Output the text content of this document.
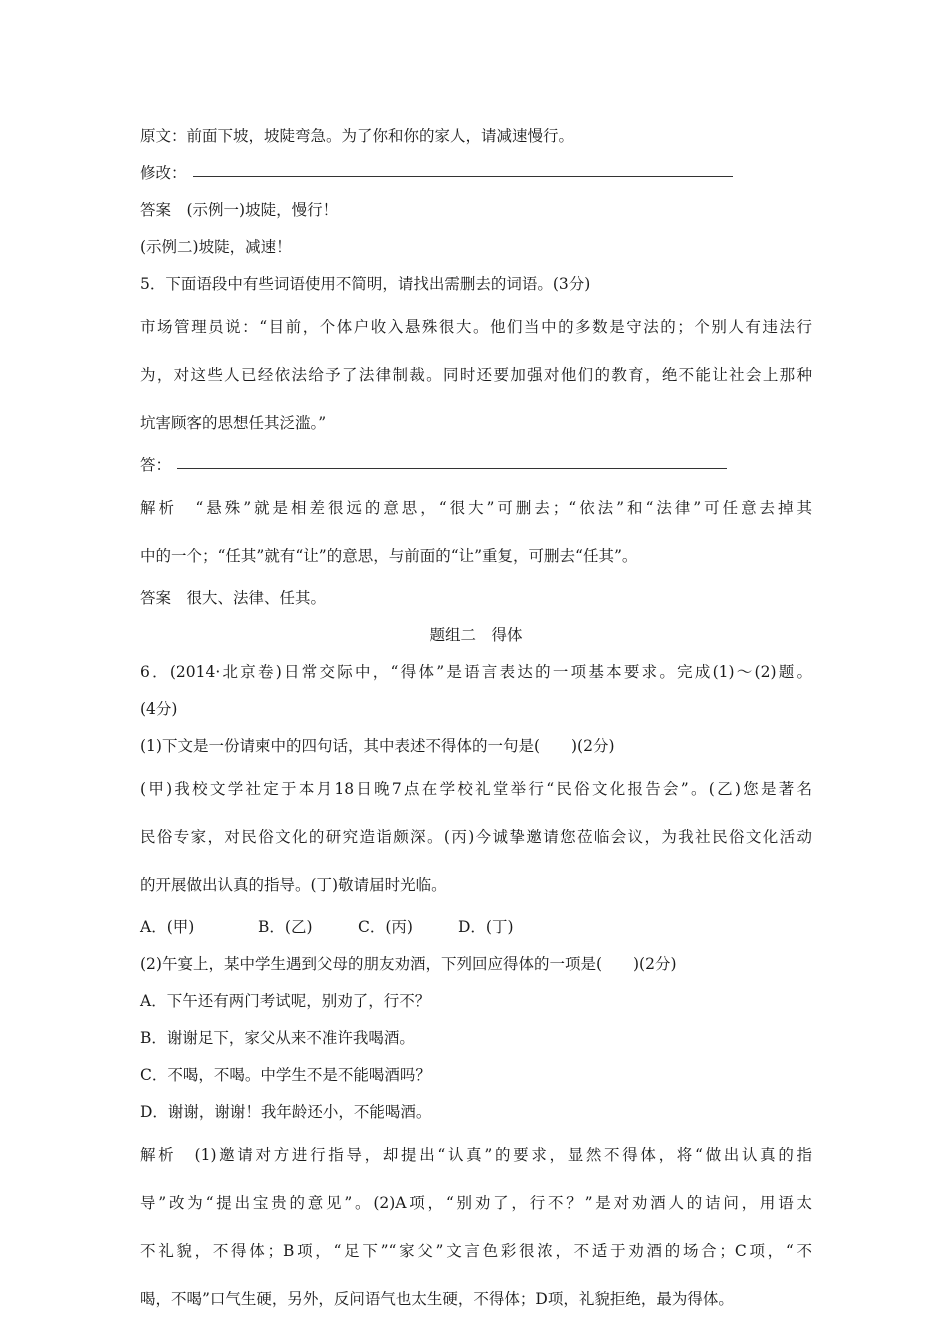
原文：前面下坡，坡陡弯急。为了你和你的家人，请减速慢行。
修改：
答案　(示例一)坡陡，慢行！
(示例二)坡陡，减速！
5．下面语段中有些词语使用不简明，请找出需删去的词语。(3分)
市场管理员说：“目前，个体户收入悬殊很大。他们当中的多数是守法的；个别人有违法行
为，对这些人已经依法给予了法律制裁。同时还要加强对他们的教育，绝不能让社会上那种
坑害顾客的思想任其泛滥。”
答：
解析　“悬殊”就是相差很远的意思，“很大”可删去；“依法”和“法律”可任意去掉其
中的一个；“任其”就有“让”的意思，与前面的“让”重复，可删去“任其”。
答案　很大、法律、任其。
题组二　得体
6．(2014·北京卷)日常交际中，“得体”是语言表达的一项基本要求。完成(1)～(2)题。
(4分)
(1)下文是一份请柬中的四句话，其中表述不得体的一句是(　　)(2分)
(甲)我校文学社定于本月18日晚7点在学校礼堂举行“民俗文化报告会”。(乙)您是著名
民俗专家，对民俗文化的研究造诣颇深。(丙)今诚挚邀请您莅临会议，为我社民俗文化活动
的开展做出认真的指导。(丁)敬请届时光临。
A．(甲)	B．(乙)	C．(丙)	D．(丁)
(2)午宴上，某中学生遇到父母的朋友劝酒，下列回应得体的一项是(　　)(2分)
A．下午还有两门考试呢，别劝了，行不？
B．谢谢足下，家父从来不准许我喝酒。
C．不喝，不喝。中学生不是不能喝酒吗？
D．谢谢，谢谢！我年龄还小，不能喝酒。
解析　(1)邀请对方进行指导，却提出“认真”的要求，显然不得体，将“做出认真的指
导”改为“提出宝贵的意见”。(2)A项，“别劝了，行不？”是对劝酒人的诘问，用语太
不礼貌，不得体；B项，“足下”“家父”文言色彩很浓，不适于劝酒的场合；C项，“不
喝，不喝”口气生硬，另外，反问语气也太生硬，不得体；D项，礼貌拒绝，最为得体。
